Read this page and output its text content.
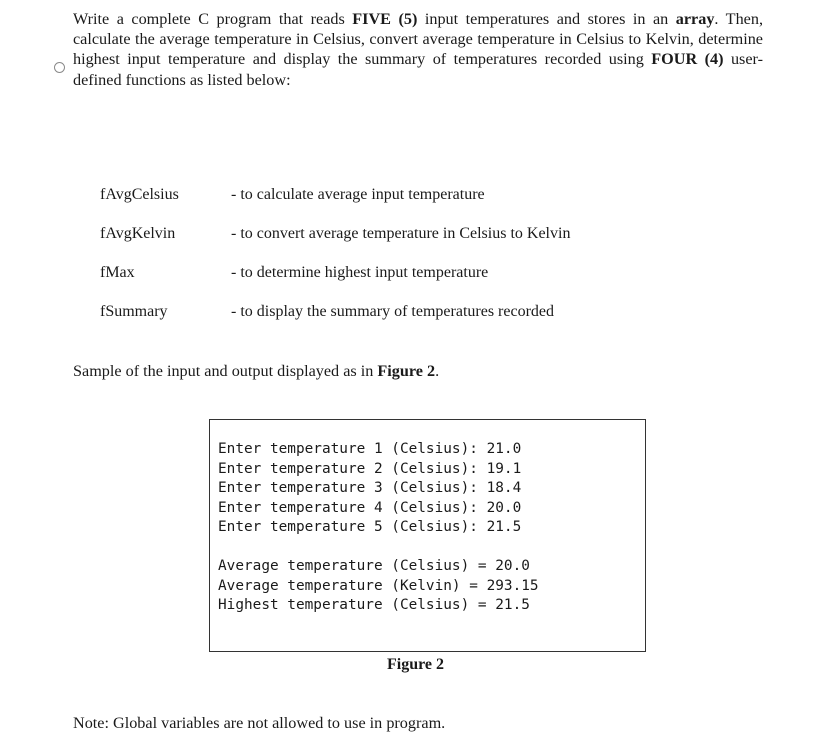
Write a complete C program that reads FIVE (5) input temperatures and stores in an array. Then, calculate the average temperature in Celsius, convert average temperature in Celsius to Kelvin, determine highest input temperature and display the summary of temperatures recorded using FOUR (4) user-defined functions as listed below:

fAvgCelsius	- to calculate average input temperature
fAvgKelvin	- to convert average temperature in Celsius to Kelvin
fMax	- to determine highest input temperature
fSummary	- to display the summary of temperatures recorded
Sample of the input and output displayed as in Figure 2.
Enter temperature 1 (Celsius): 21.0
Enter temperature 2 (Celsius): 19.1
Enter temperature 3 (Celsius): 18.4
Enter temperature 4 (Celsius): 20.0
Enter temperature 5 (Celsius): 21.5
Average temperature (Celsius) = 20.0
Average temperature (Kelvin) = 293.15
Highest temperature (Celsius) = 21.5
Figure 2
Note: Global variables are not allowed to use in program.
